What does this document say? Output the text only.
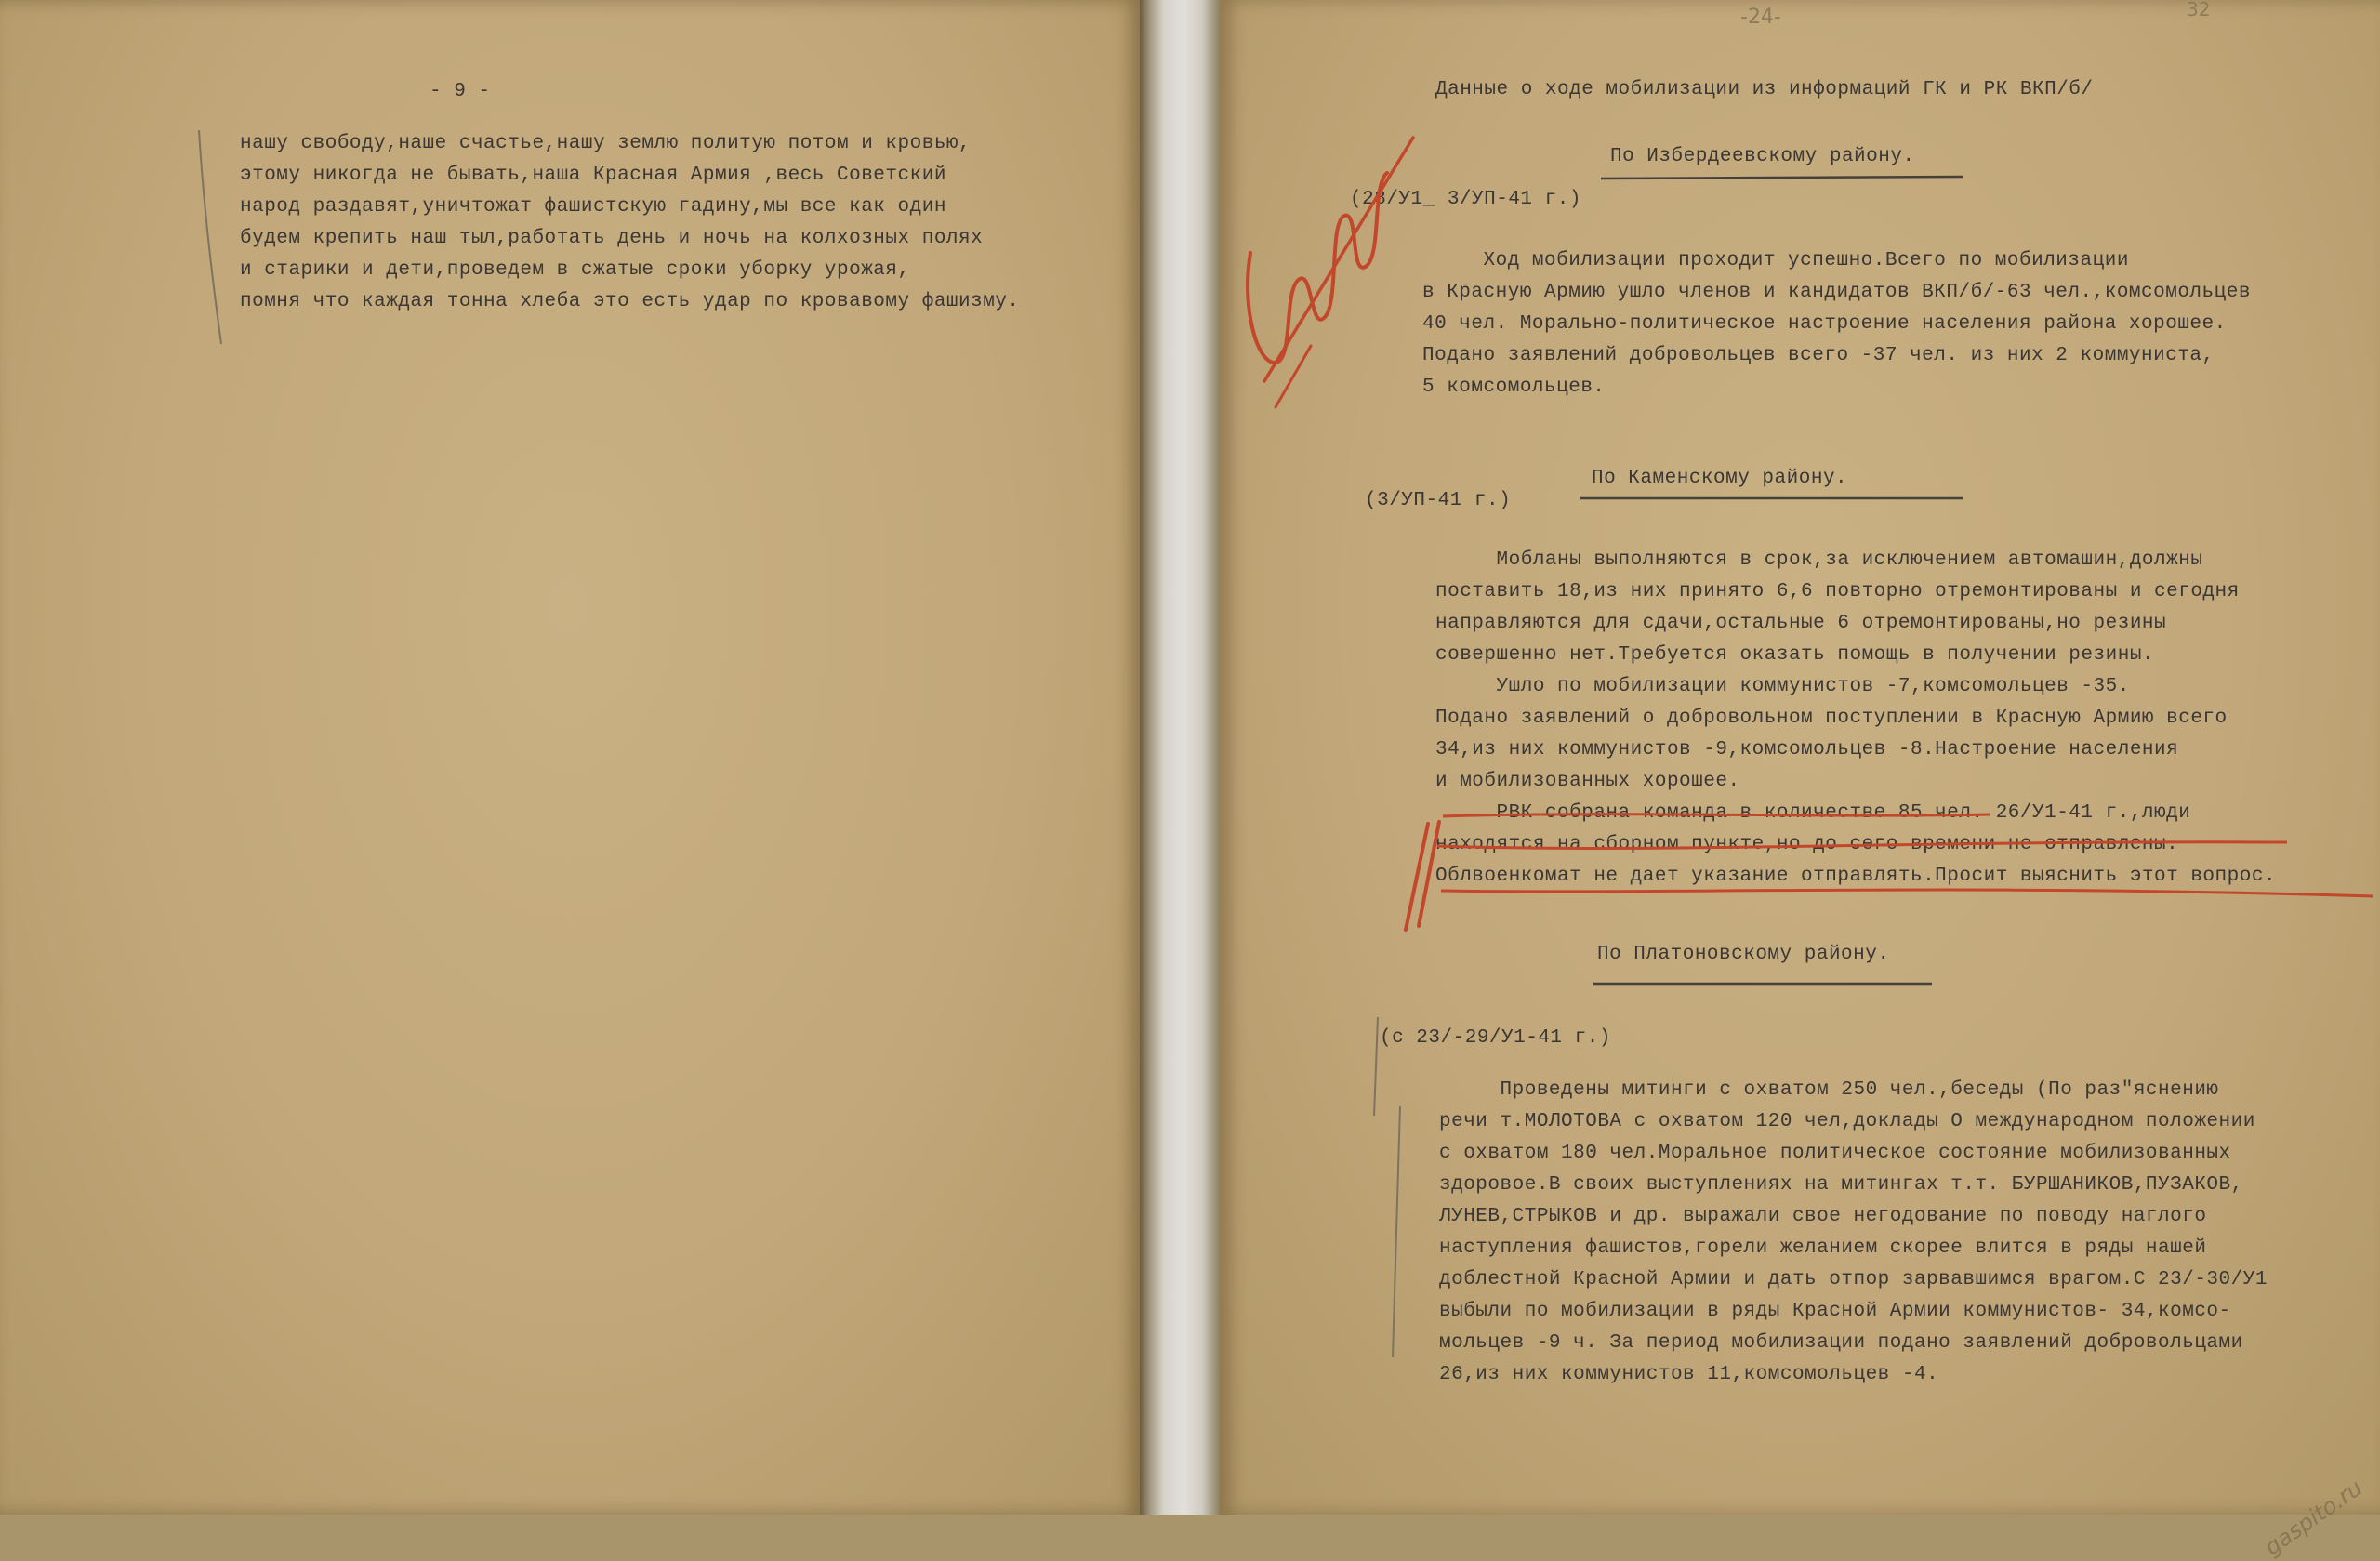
- 9 -
нашу свободу,наше счастье,нашу землю политую потом и кровью,
этому никогда не бывать,наша Красная Армия ,весь Советский
народ раздавят,уничтожат фашистскую гадину,мы все как один
будем крепить наш тыл,работать день и ночь на колхозных полях
и старики и дети,проведем в сжатые сроки уборку урожая,
помня что каждая тонна хлеба это есть удар по кровавому фашизму.
-24-	32
Данные о ходе мобилизации из информаций ГК и РК ВКП/б/
По Избердеевскому району.
(28/У1_ 3/УП-41 г.)
Ход мобилизации проходит успешно.Всего по мобилизации
в Красную Армию ушло членов и кандидатов ВКП/б/-63 чел.,комсомольцев
40 чел. Морально-политическое настроение населения района хорошее.
Подано заявлений добровольцев всего -37 чел. из них 2 коммуниста,
5 комсомольцев.
По Каменскому району.
(3/УП-41 г.)
Мобланы выполняются в срок,за исключением автомашин,должны
поставить 18,из них принято 6,6 повторно отремонтированы и сегодня
направляются для сдачи,остальные 6 отремонтированы,но резины
совершенно нет.Требуется оказать помощь в получении резины.
Ушло по мобилизации коммунистов -7,комсомольцев -35.
Подано заявлений о добровольном поступлении в Красную Армию всего
34,из них коммунистов -9,комсомольцев -8.Настроение населения
и мобилизованных хорошее.
РВК собрана команда в количестве 85 чел. 26/У1-41 г.,люди
находятся на сборном пункте,но до сего времени не отправлены.
Облвоенкомат не дает указание отправлять.Просит выяснить этот вопрос.
По Платоновскому району.
(с 23/-29/У1-41 г.)
Проведены митинги с охватом 250 чел.,беседы (По раз"яснению
речи т.МОЛОТОВА с охватом 120 чел,доклады О международном положении
с охватом 180 чел.Моральное политическое состояние мобилизованных
здоровое.В своих выступлениях на митингах т.т. БУРШАНИКОВ,ПУЗАКОВ,
ЛУНЕВ,СТРЫКОВ и др. выражали свое негодование по поводу наглого
наступления фашистов,горели желанием скорее влится в ряды нашей
доблестной Красной Армии и дать отпор зарвавшимся врагом.С 23/-30/У1
выбыли по мобилизации в ряды Красной Армии коммунистов- 34,комсо-
мольцев -9 ч. За период мобилизации подано заявлений добровольцами
26,из них коммунистов 11,комсомольцев -4.
gaspito.ru
